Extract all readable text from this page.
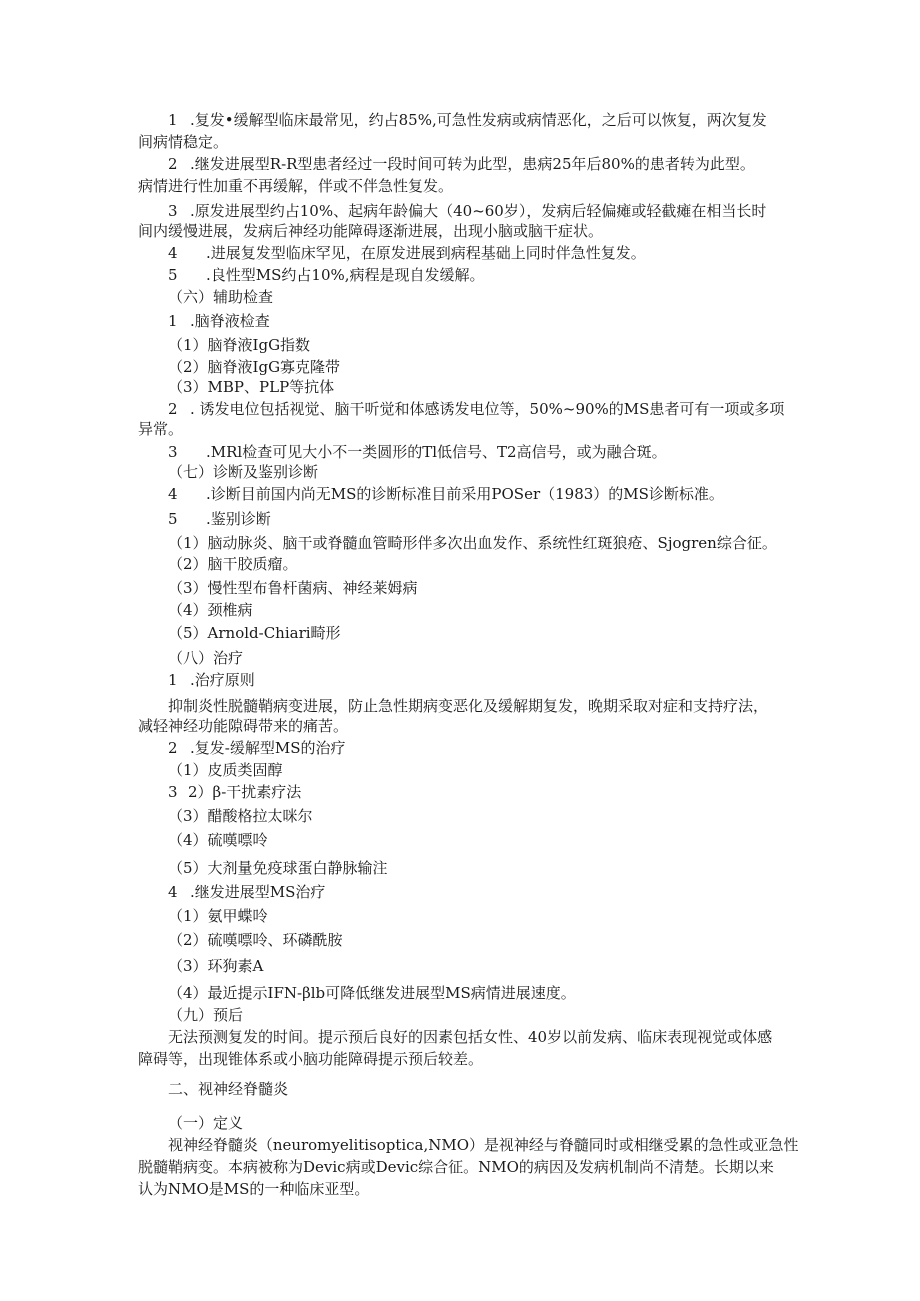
1 .复发•缓解型临床最常见，约占85%,可急性发病或病情恶化，之后可以恢复，两次复发
间病情稳定。
2 .继发进展型R-R型患者经过一段时间可转为此型，患病25年后80%的患者转为此型。
病情进行性加重不再缓解，伴或不伴急性复发。
3 .原发进展型约占10%、起病年龄偏大（40~60岁），发病后轻偏瘫或轻截瘫在相当长时
间内缓慢进展，发病后神经功能障碍逐渐进展，出现小脑或脑干症状。
4 .进展复发型临床罕见，在原发进展到病程基础上同时伴急性复发。
5 .良性型MS约占10%,病程是现自发缓解。
（六）辅助检查
1 .脑脊液检查
（1）脑脊液IgG指数
（2）脑脊液IgG寡克隆带
（3）MBP、PLP等抗体
2 . 诱发电位包括视觉、脑干听觉和体感诱发电位等，50%~90%的MS患者可有一项或多项
异常。
3 .MRl检查可见大小不一类圆形的Tl低信号、T2高信号，或为融合斑。
（七）诊断及鉴别诊断
4 .诊断目前国内尚无MS的诊断标准目前采用POSer（1983）的MS诊断标准。
5 .鉴别诊断
（1）脑动脉炎、脑干或脊髓血管畸形伴多次出血发作、系统性红斑狼疮、Sjogren综合征。
（2）脑干胶质瘤。
（3）慢性型布鲁杆菌病、神经莱姆病
（4）颈椎病
（5）Arnold-Chiari畸形
（八）治疗
1 .治疗原则
抑制炎性脱髓鞘病变进展，防止急性期病变恶化及缓解期复发，晚期采取对症和支持疗法，
减轻神经功能隙碍带来的痛苦。
2 .复发-缓解型MS的治疗
（1）皮质类固醇
3 2）β-干扰素疗法
（3）醋酸格拉太咪尔
（4）硫嘆嘌呤
（5）大剂量免疫球蛋白静脉输注
4 .继发进展型MS治疗
（1）氨甲蝶呤
（2）硫嘆嘌呤、环磷酰胺
（3）环狗素A
（4）最近提示IFN-βlb可降低继发进展型MS病情进展速度。
（九）预后
无法预测复发的时间。提示预后良好的因素包括女性、40岁以前发病、临床表现视觉或体感
障碍等，出现锥体系或小脑功能障碍提示预后较差。
二、视神经脊髓炎
（一）定义
视神经脊髓炎（neuromyelitisoptica,NMO）是视神经与脊髓同时或相继受累的急性或亚急性
脱髓鞘病变。本病被称为Devic病或Devic综合征。NMO的病因及发病机制尚不清楚。长期以来
认为NMO是MS的一种临床亚型。
